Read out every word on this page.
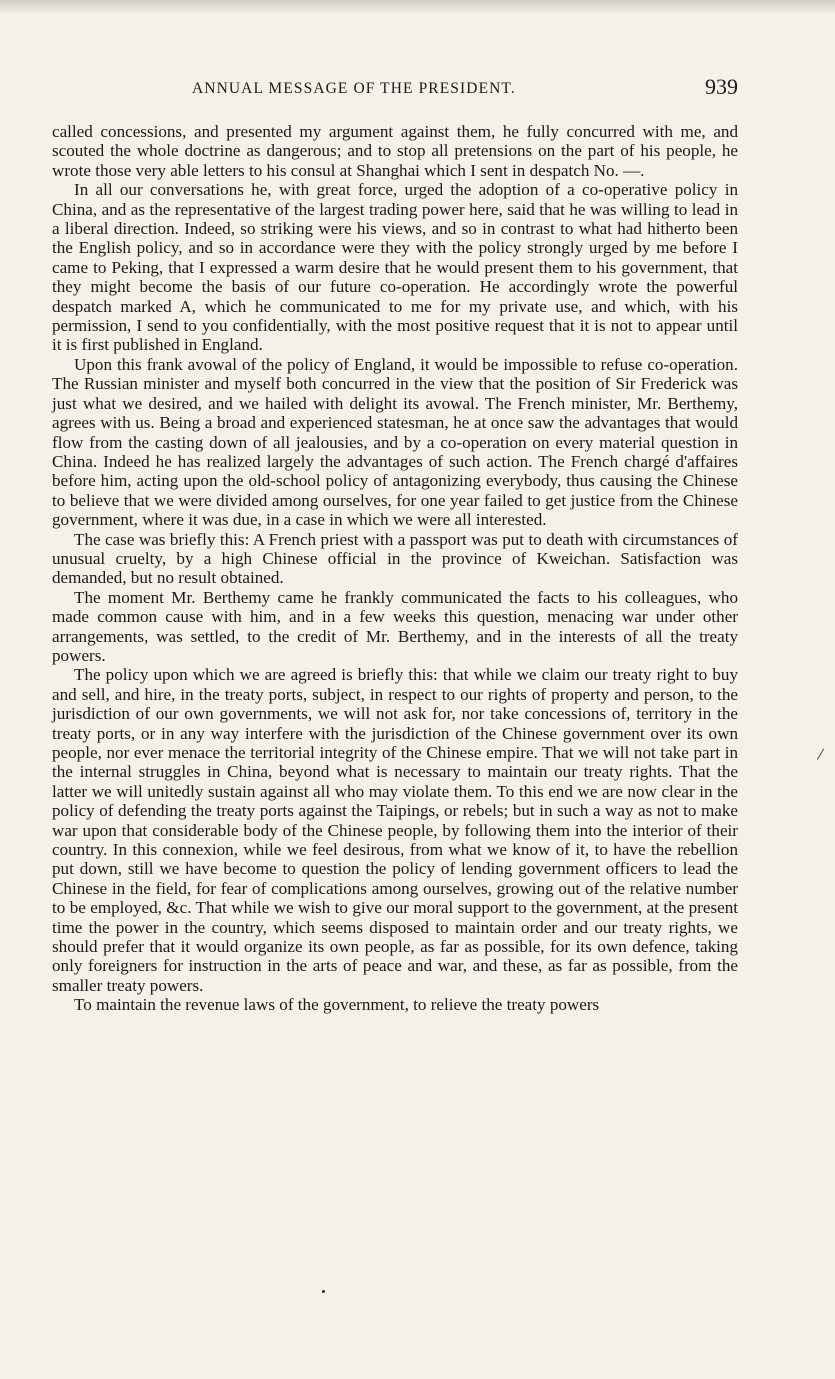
ANNUAL MESSAGE OF THE PRESIDENT.	939

called concessions, and presented my argument against them, he fully concurred with me, and scouted the whole doctrine as dangerous; and to stop all pretensions on the part of his people, he wrote those very able letters to his consul at Shanghai which I sent in despatch No. —.

In all our conversations he, with great force, urged the adoption of a co-operative policy in China, and as the representative of the largest trading power here, said that he was willing to lead in a liberal direction. Indeed, so striking were his views, and so in contrast to what had hitherto been the English policy, and so in accordance were they with the policy strongly urged by me before I came to Peking, that I expressed a warm desire that he would present them to his government, that they might become the basis of our future co-operation. He accordingly wrote the powerful despatch marked A, which he communicated to me for my private use, and which, with his permission, I send to you confidentially, with the most positive request that it is not to appear until it is first published in England.

Upon this frank avowal of the policy of England, it would be impossible to refuse co-operation. The Russian minister and myself both concurred in the view that the position of Sir Frederick was just what we desired, and we hailed with delight its avowal. The French minister, Mr. Berthemy, agrees with us. Being a broad and experienced statesman, he at once saw the advantages that would flow from the casting down of all jealousies, and by a co-operation on every material question in China. Indeed he has realized largely the advantages of such action. The French chargé d'affaires before him, acting upon the old-school policy of antagonizing everybody, thus causing the Chinese to believe that we were divided among ourselves, for one year failed to get justice from the Chinese government, where it was due, in a case in which we were all interested.

The case was briefly this: A French priest with a passport was put to death with circumstances of unusual cruelty, by a high Chinese official in the province of Kweichan. Satisfaction was demanded, but no result obtained.

The moment Mr. Berthemy came he frankly communicated the facts to his colleagues, who made common cause with him, and in a few weeks this question, menacing war under other arrangements, was settled, to the credit of Mr. Berthemy, and in the interests of all the treaty powers.

The policy upon which we are agreed is briefly this: that while we claim our treaty right to buy and sell, and hire, in the treaty ports, subject, in respect to our rights of property and person, to the jurisdiction of our own governments, we will not ask for, nor take concessions of, territory in the treaty ports, or in any way interfere with the jurisdiction of the Chinese government over its own people, nor ever menace the territorial integrity of the Chinese empire. That we will not take part in the internal struggles in China, beyond what is necessary to maintain our treaty rights. That the latter we will unitedly sustain against all who may violate them. To this end we are now clear in the policy of defending the treaty ports against the Taipings, or rebels; but in such a way as not to make war upon that considerable body of the Chinese people, by following them into the interior of their country. In this connexion, while we feel desirous, from what we know of it, to have the rebellion put down, still we have become to question the policy of lending government officers to lead the Chinese in the field, for fear of complications among ourselves, growing out of the relative number to be employed, &c. That while we wish to give our moral support to the government, at the present time the power in the country, which seems disposed to maintain order and our treaty rights, we should prefer that it would organize its own people, as far as possible, for its own defence, taking only foreigners for instruction in the arts of peace and war, and these, as far as possible, from the smaller treaty powers.

To maintain the revenue laws of the government, to relieve the treaty powers

/
